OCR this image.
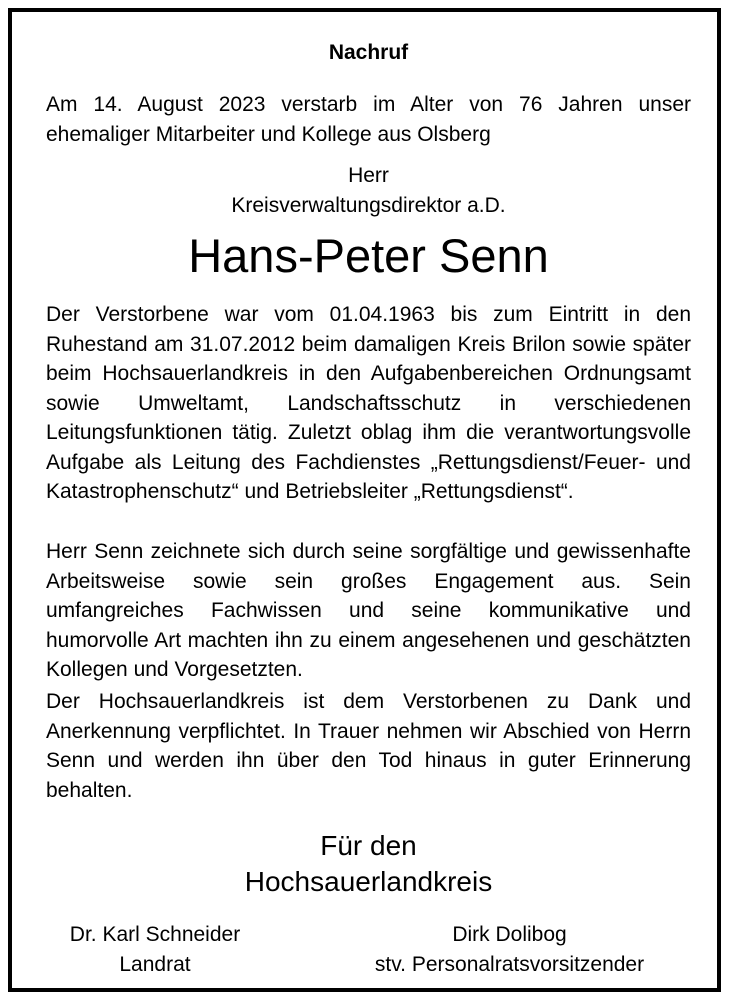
Nachruf
Am 14. August 2023 verstarb im Alter von 76 Jahren unser ehemaliger Mitarbeiter und Kollege aus Olsberg
Herr
Kreisverwaltungsdirektor a.D.
Hans-Peter Senn
Der Verstorbene war vom 01.04.1963 bis zum Eintritt in den Ruhestand am 31.07.2012 beim damaligen Kreis Brilon sowie später beim Hochsauerlandkreis in den Aufgabenbereichen Ordnungsamt sowie Umweltamt, Landschaftsschutz in verschiedenen Leitungsfunktionen tätig. Zuletzt oblag ihm die verantwortungsvolle Aufgabe als Leitung des Fachdienstes „Rettungsdienst/Feuer- und Katastrophenschutz“ und Betriebsleiter „Rettungsdienst“.
Herr Senn zeichnete sich durch seine sorgfältige und gewissenhafte Arbeitsweise sowie sein großes Engagement aus. Sein umfangreiches Fachwissen und seine kommunikative und humorvolle Art machten ihn zu einem angesehenen und geschätzten Kollegen und Vorgesetzten.
Der Hochsauerlandkreis ist dem Verstorbenen zu Dank und Anerkennung verpflichtet. In Trauer nehmen wir Abschied von Herrn Senn und werden ihn über den Tod hinaus in guter Erinnerung behalten.
Für den
Hochsauerlandkreis
Dr. Karl Schneider
Landrat
Dirk Dolibog
stv. Personalratsvorsitzender
